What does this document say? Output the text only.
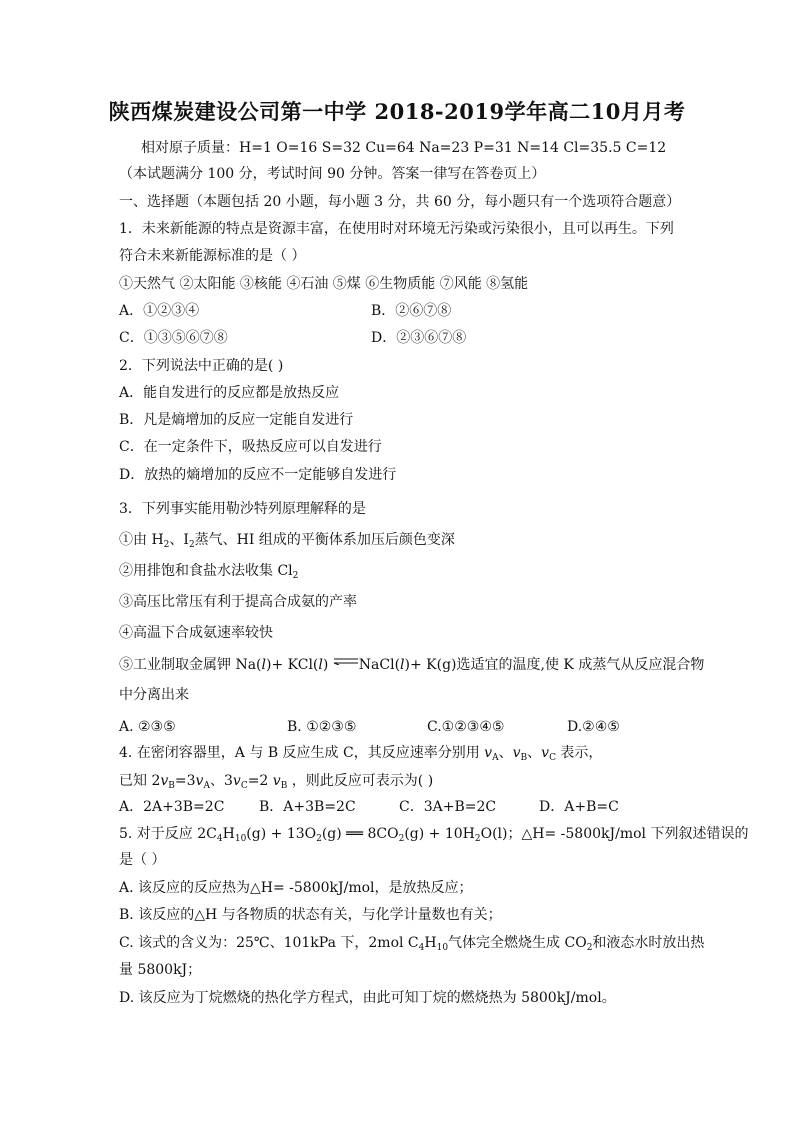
陕西煤炭建设公司第一中学 2018-2019学年高二10月月考
相对原子质量：H=1 O=16 S=32 Cu=64 Na=23 P=31 N=14 Cl=35.5 C=12
（本试题满分 100 分，考试时间 90 分钟。答案一律写在答卷页上）
一、选择题（本题包括 20 小题，每小题 3 分，共 60 分，每小题只有一个选项符合题意）
1．未来新能源的特点是资源丰富，在使用时对环境无污染或污染很小，且可以再生。下列
符合未来新能源标准的是（ ）
①天然气 ②太阳能 ③核能 ④石油 ⑤煤 ⑥生物质能 ⑦风能 ⑧氢能
A．①②③④	B．②⑥⑦⑧
C．①③⑤⑥⑦⑧	D．②③⑥⑦⑧
2．下列说法中正确的是( )
A．能自发进行的反应都是放热反应
B．凡是熵增加的反应一定能自发进行
C．在一定条件下，吸热反应可以自发进行
D．放热的熵增加的反应不一定能够自发进行
3．下列事实能用勒沙特列原理解释的是
①由 $H_2$、$I_2$蒸气、HI 组成的平衡体系加压后颜色变深
②用排饱和食盐水法收集 $Cl_2$
③高压比常压有利于提高合成氨的产率
④高温下合成氨速率较快
⑤工业制取金属钾 Na(l)+ KCl(l)
NaCl(l)+ K(g)选适宜的温度,使 K 成蒸气从反应混合物
中分离出来
A. ②③⑤	B. ①②③⑤	C.①②③④⑤	D.②④⑤
4. 在密闭容器里，A 与 B 反应生成 C，其反应速率分别用 $v_A$、$v_B$、$v_C$ 表示，
已知 $2v_B=3v_A$、$3v_C=2$ $v_B$ ，则此反应可表示为( )
A．2A+3B=2C B．A+3B=2C	C．3A+B=2C	D．A+B=C
5. 对于反应 $2C_4H_{10}(g) + 13O_2(g)$ ══ $8CO_2(g) + 10H_2O(l)$；△H= -5800kJ/mol 下列叙述错误的
是（ ）
A. 该反应的反应热为△H= -5800kJ/mol，是放热反应；
B. 该反应的△H 与各物质的状态有关，与化学计量数也有关；
C. 该式的含义为：25℃、101kPa 下，2mol $C_4H_{10}$气体完全燃烧生成 $CO_2$和液态水时放出热
量 5800kJ；
D. 该反应为丁烷燃烧的热化学方程式，由此可知丁烷的燃烧热为 5800kJ/mol。
